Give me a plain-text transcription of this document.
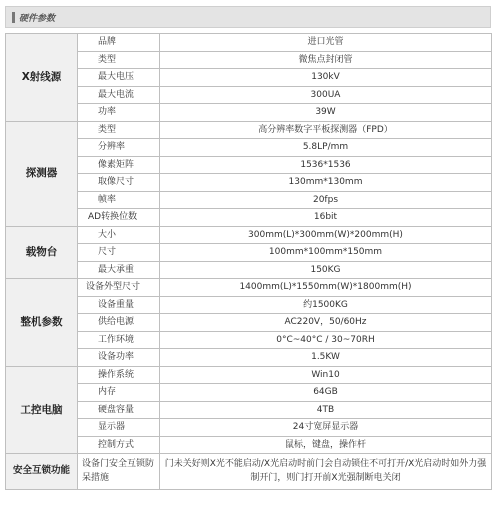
硬件参数
X射线源	品牌	进口光管
	类型	微焦点封闭管
	最大电压	130kV
	最大电流	300UA
	功率	39W
探测器	类型	高分辨率数字平板探测器（FPD）
	分辨率	5.8LP/mm
	像素矩阵	1536*1536
	取像尺寸	130mm*130mm
	帧率	20fps
	AD转换位数	16bit
载物台	大小	300mm(L)*300mm(W)*200mm(H)
	尺寸	100mm*100mm*150mm
	最大承重	150KG
整机参数	设备外型尺寸	1400mm(L)*1550mm(W)*1800mm(H)
	设备重量	约1500KG
	供给电源	AC220V，50/60Hz
	工作环境	0°C~40°C / 30~70RH
	设备功率	1.5KW
工控电脑	操作系统	Win10
	内存	64GB
	硬盘容量	4TB
	显示器	24寸宽屏显示器
	控制方式	鼠标，键盘，操作杆
安全互锁功能	设备门安全互锁防呆措施	门未关好则X光不能启动/X光启动时前门会自动锁住不可打开/X光启动时如外力强制开门，则门打开前X光强制断电关闭
